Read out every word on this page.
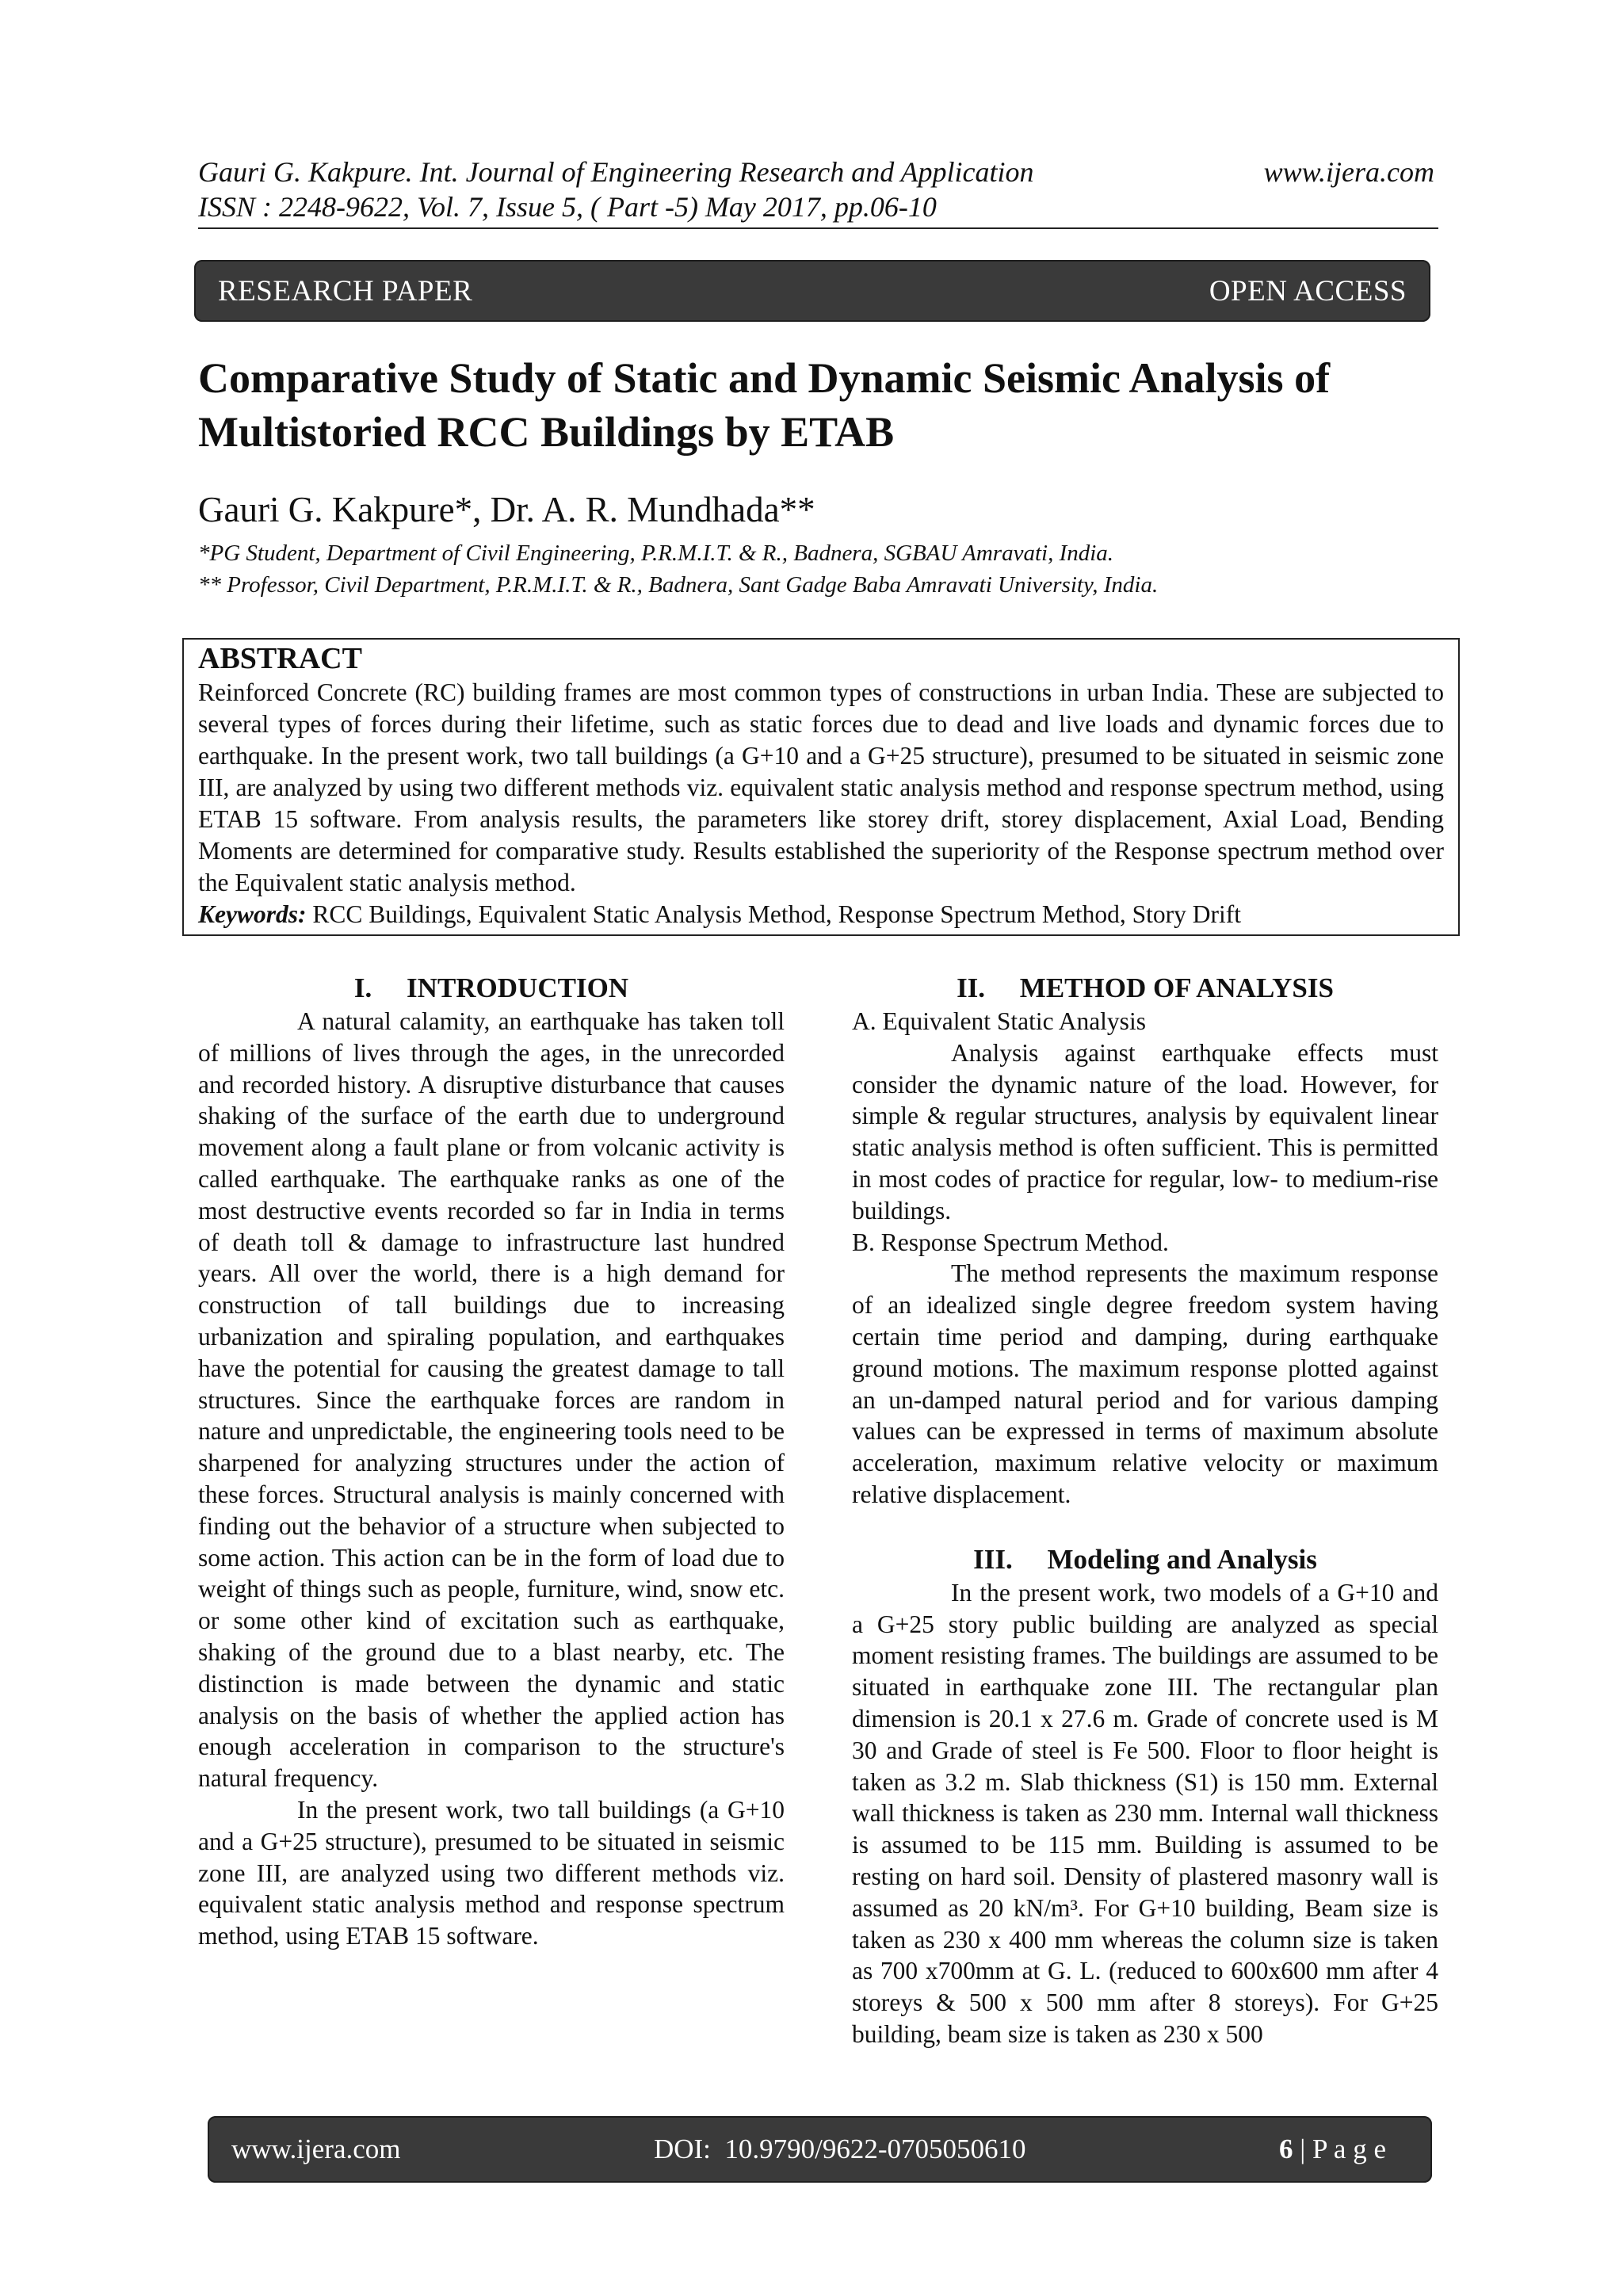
Gauri G. Kakpure. Int. Journal of Engineering Research and Application	www.ijera.com
ISSN : 2248-9622, Vol. 7, Issue 5, ( Part -5) May 2017, pp.06-10
RESEARCH PAPER	OPEN ACCESS
Comparative Study of Static and Dynamic Seismic Analysis of
Multistoried RCC Buildings by ETAB
Gauri G. Kakpure*, Dr. A. R. Mundhada**
*PG Student, Department of Civil Engineering, P.R.M.I.T. & R., Badnera, SGBAU Amravati, India.
** Professor, Civil Department, P.R.M.I.T. & R., Badnera, Sant Gadge Baba Amravati University, India.
ABSTRACT
Reinforced Concrete (RC) building frames are most common types of constructions in urban India. These are subjected to several types of forces during their lifetime, such as static forces due to dead and live loads and dynamic forces due to earthquake. In the present work, two tall buildings (a G+10 and a G+25 structure), presumed to be situated in seismic zone III, are analyzed by using two different methods viz. equivalent static analysis method and response spectrum method, using ETAB 15 software. From analysis results, the parameters like storey drift, storey displacement, Axial Load, Bending Moments are determined for comparative study. Results established the superiority of the Response spectrum method over the Equivalent static analysis method.
Keywords: RCC Buildings, Equivalent Static Analysis Method, Response Spectrum Method, Story Drift
I.     INTRODUCTION

A natural calamity, an earthquake has taken toll of millions of lives through the ages, in the unrecorded and recorded history. A disruptive disturbance that causes shaking of the surface of the earth due to underground movement along a fault plane or from volcanic activity is called earthquake. The earthquake ranks as one of the most destructive events recorded so far in India in terms of death toll & damage to infrastructure last hundred years. All over the world, there is a high demand for construction of tall buildings due to increasing urbanization and spiraling population, and earthquakes have the potential for causing the greatest damage to tall structures. Since the earthquake forces are random in nature and unpredictable, the engineering tools need to be sharpened for analyzing structures under the action of these forces. Structural analysis is mainly concerned with finding out the behavior of a structure when subjected to some action. This action can be in the form of load due to weight of things such as people, furniture, wind, snow etc. or some other kind of excitation such as earthquake, shaking of the ground due to a blast nearby, etc. The distinction is made between the dynamic and static analysis on the basis of whether the applied action has enough acceleration in comparison to the structure's natural frequency.

In the present work, two tall buildings (a G+10 and a G+25 structure), presumed to be situated in seismic zone III, are analyzed using two different methods viz. equivalent static analysis method and response spectrum method, using ETAB 15 software.

II.     METHOD OF ANALYSIS
A. Equivalent Static Analysis

Analysis against earthquake effects must consider the dynamic nature of the load. However, for simple & regular structures, analysis by equivalent linear static analysis method is often sufficient. This is permitted in most codes of practice for regular, low- to medium-rise buildings.

B. Response Spectrum Method.

The method represents the maximum response of an idealized single degree freedom system having certain time period and damping, during earthquake ground motions. The maximum response plotted against an un-damped natural period and for various damping values can be expressed in terms of maximum absolute acceleration, maximum relative velocity or maximum relative displacement.

III.     Modeling and Analysis

In the present work, two models of a G+10 and a G+25 story public building are analyzed as special moment resisting frames. The buildings are assumed to be situated in earthquake zone III. The rectangular plan dimension is 20.1 x 27.6 m. Grade of concrete used is M 30 and Grade of steel is Fe 500. Floor to floor height is taken as 3.2 m. Slab thickness (S1) is 150 mm. External wall thickness is taken as 230 mm. Internal wall thickness is assumed to be 115 mm. Building is assumed to be resting on hard soil. Density of plastered masonry wall is assumed as 20 kN/m³. For G+10 building, Beam size is taken as 230 x 400 mm whereas the column size is taken as 700 x700mm at G. L. (reduced to 600x600 mm after 4 storeys & 500 x 500 mm after 8 storeys). For G+25 building, beam size is taken as 230 x 500

www.ijera.com	DOI:  10.9790/9622-0705050610	6 | P a g e
